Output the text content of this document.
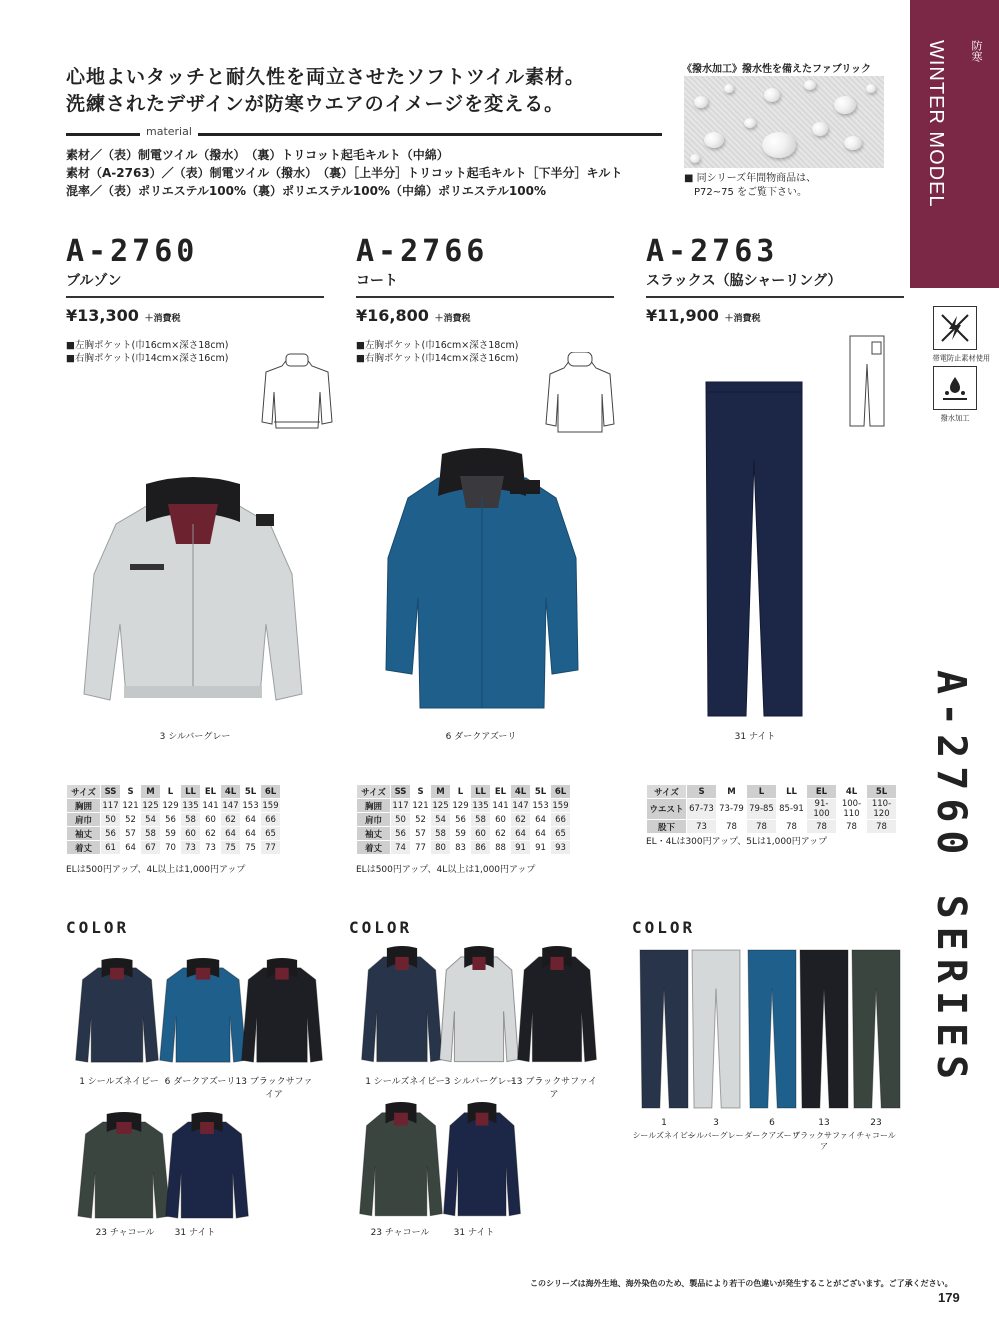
WINTER MODEL 防寒
帯電防止素材使用
撥水加工
A-2760 SERIES
心地よいタッチと耐久性を両立させたソフトツイル素材。
洗練されたデザインが防寒ウエアのイメージを変える。
material
素材／（表）制電ツイル（撥水）　（裏）トリコット起毛キルト（中綿）
素材（A-2763）／（表）制電ツイル（撥水）　（裏）［上半分］トリコット起毛キルト［下半分］キルト
混率／（表）ポリエステル100%（裏）ポリエステル100%（中綿）ポリエステル100%
《撥水加工》撥水性を備えたファブリック
■ 同シリーズ年間物商品は、
P72~75 をご覧下さい。
A-2760
ブルゾン
¥13,300 ＋消費税
■左胸ポケット(巾16cm×深さ18cm)
■右胸ポケット(巾14cm×深さ16cm)
A-2766
コート
¥16,800 ＋消費税
■左胸ポケット(巾16cm×深さ18cm)
■右胸ポケット(巾14cm×深さ16cm)
A-2763
スラックス（脇シャーリング）
¥11,900 ＋消費税
3 シルバーグレー	6 ダークアズーリ	31 ナイト
サイズ	SS	S	M	L	LL	EL	4L	5L	6L
胸囲	117	121	125	129	135	141	147	153	159
肩巾	50	52	54	56	58	60	62	64	66
袖丈	56	57	58	59	60	62	64	64	65
着丈	61	64	67	70	73	73	75	75	77
ELは500円アップ、4L以上は1,000円アップ
サイズ	SS	S	M	L	LL	EL	4L	5L	6L
胸囲	117	121	125	129	135	141	147	153	159
肩巾	50	52	54	56	58	60	62	64	66
袖丈	56	57	58	59	60	62	64	64	65
着丈	74	77	80	83	86	88	91	91	93
ELは500円アップ、4L以上は1,000円アップ
サイズ	S	M	L	LL	EL	4L	5L
ウエスト	67-73	73-79	79-85	85-91	91-100	100-110	110-120
股下	73	78	78	78	78	78	78
EL・4Lは300円アップ、5Lは1,000円アップ
COLOR	COLOR	COLOR
1 シールズネイビー 6 ダークアズーリ 13 ブラックサファイア
23 チャコール	31 ナイト
1 シールズネイビー 3 シルバーグレー
13 ブラックサファイア
23 チャコール	31 ナイト
1
シールズネイビー
3
シルバーグレー
6
ダークアズーリ
13
ブラックサファイア
23
チャコール
このシリーズは海外生地、海外染色のため、製品により若干の色違いが発生することがございます。ご了承ください。
179
